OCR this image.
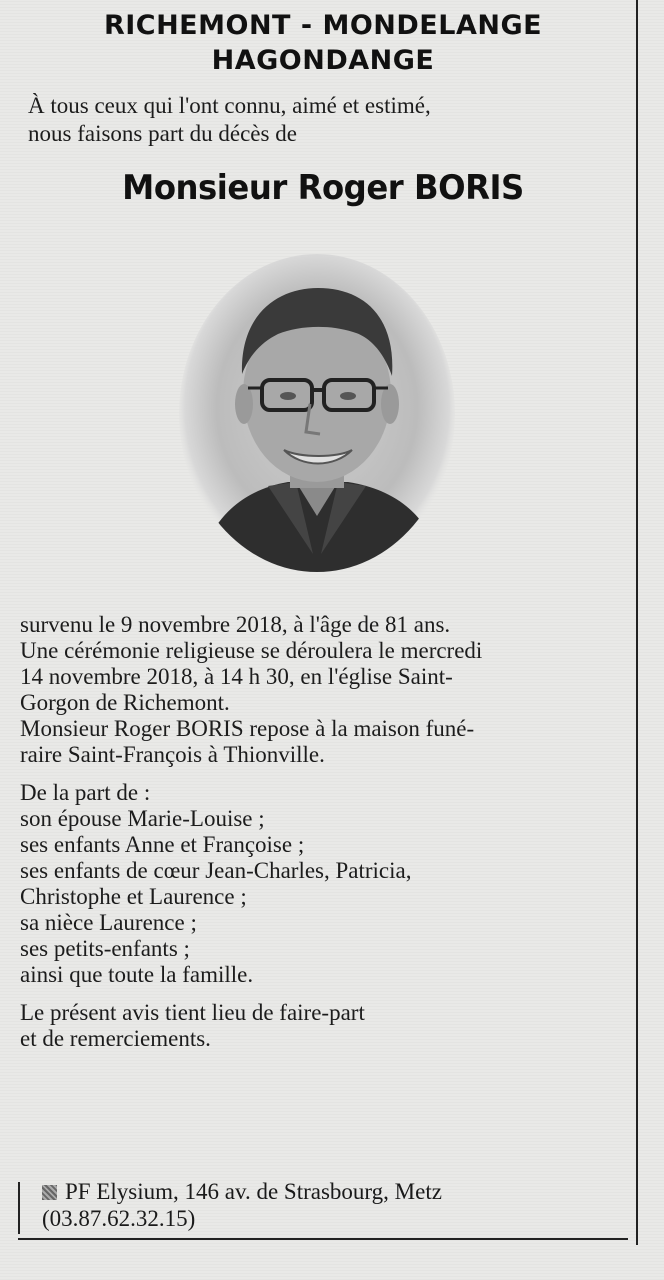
RICHEMONT - MONDELANGE

HAGONDANGE

À tous ceux qui l'ont connu, aimé et estimé,
nous faisons part du décès de

Monsieur Roger BORIS

survenu le 9 novembre 2018, à l'âge de 81 ans.

Une cérémonie religieuse se déroulera le mercredi

14 novembre 2018, à 14 h 30, en l'église Saint-

Gorgon de Richemont.

Monsieur Roger BORIS repose à la maison funé-

raire Saint-François à Thionville.

De la part de :

son épouse Marie-Louise ;

ses enfants Anne et Françoise ;

ses enfants de cœur Jean-Charles, Patricia,

Christophe et Laurence ;

sa nièce Laurence ;

ses petits-enfants ;

ainsi que toute la famille.

Le présent avis tient lieu de faire-part

et de remerciements.

PF Elysium, 146 av. de Strasbourg, Metz
(03.87.62.32.15)
